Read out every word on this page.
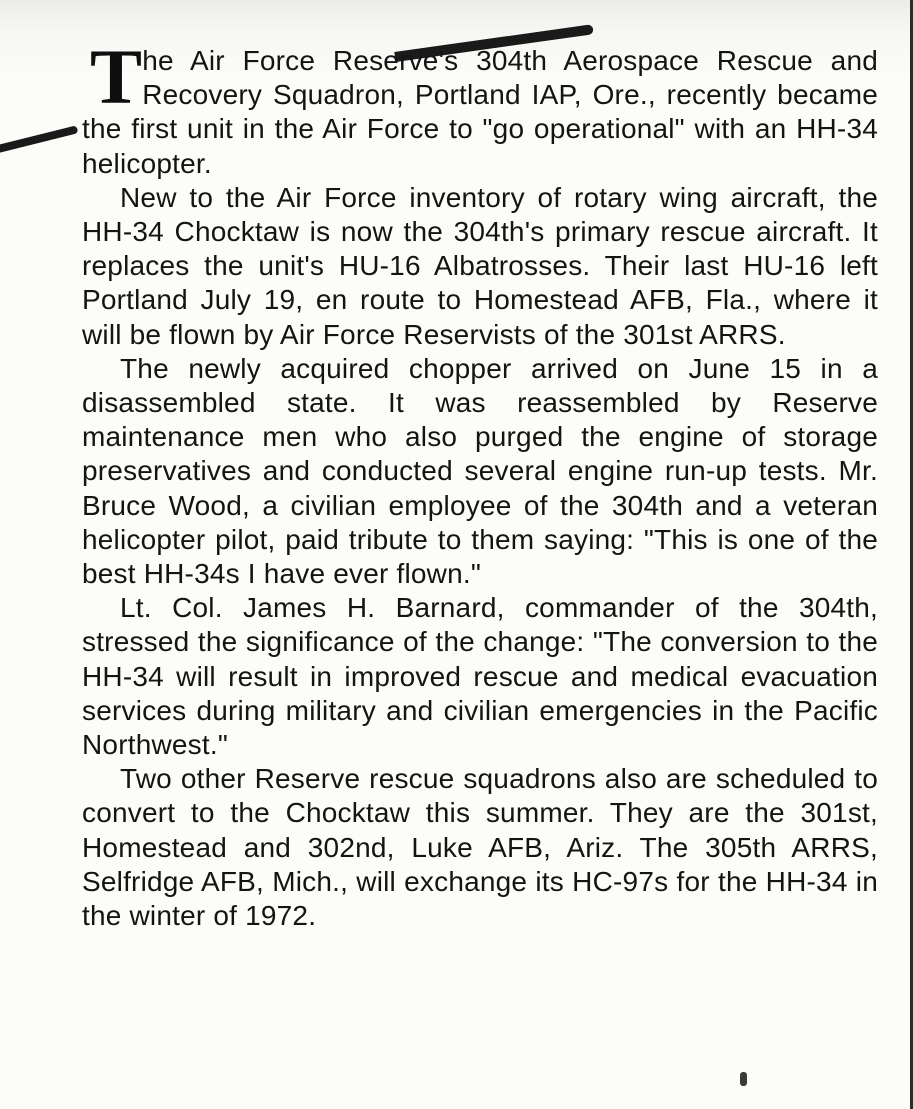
The Air Force Reserve's 304th Aerospace Rescue and Recovery Squadron, Portland IAP, Ore., recently became the first unit in the Air Force to "go operational" with an HH-34 helicopter.

New to the Air Force inventory of rotary wing aircraft, the HH-34 Chocktaw is now the 304th's primary rescue aircraft. It replaces the unit's HU-16 Albatrosses. Their last HU-16 left Portland July 19, en route to Homestead AFB, Fla., where it will be flown by Air Force Reservists of the 301st ARRS.

The newly acquired chopper arrived on June 15 in a disassembled state. It was reassembled by Reserve maintenance men who also purged the engine of storage preservatives and conducted several engine run-up tests. Mr. Bruce Wood, a civilian employee of the 304th and a veteran helicopter pilot, paid tribute to them saying: "This is one of the best HH-34s I have ever flown."

Lt. Col. James H. Barnard, commander of the 304th, stressed the significance of the change: "The conversion to the HH-34 will result in improved rescue and medical evacuation services during military and civilian emergencies in the Pacific Northwest."

Two other Reserve rescue squadrons also are scheduled to convert to the Chocktaw this summer. They are the 301st, Homestead and 302nd, Luke AFB, Ariz. The 305th ARRS, Selfridge AFB, Mich., will exchange its HC-97s for the HH-34 in the winter of 1972.
